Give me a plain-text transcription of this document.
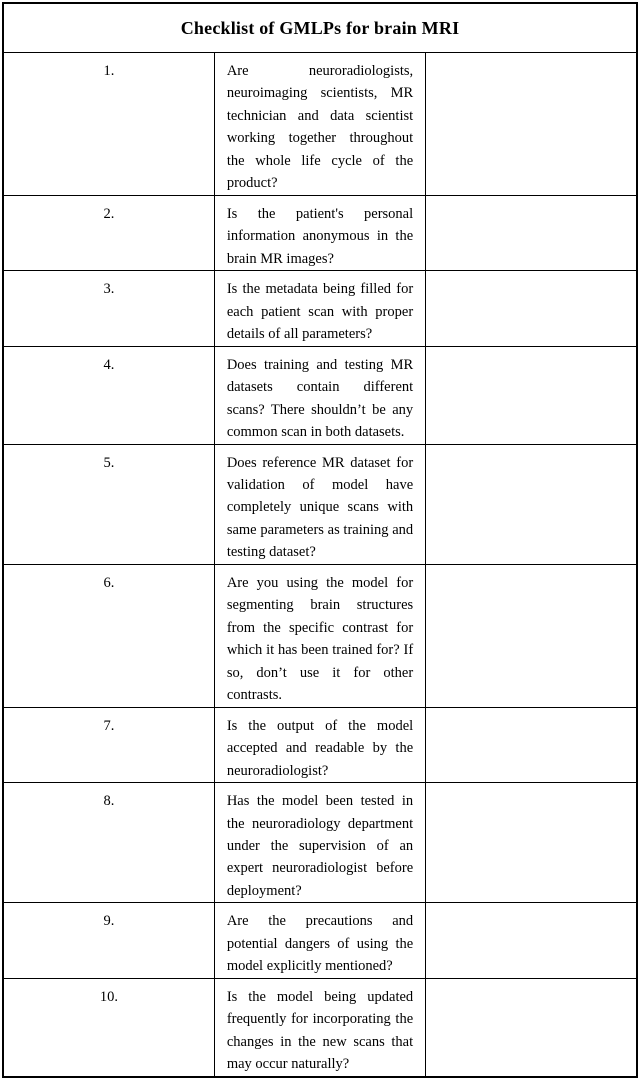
Checklist of GMLPs for brain MRI		
1.	Are neuroradiologists, neuroimaging scientists, MR technician and data scientist working together throughout the whole life cycle of the product?	
2.	Is the patient's personal information anonymous in the brain MR images?	
3.	Is the metadata being filled for each patient scan with proper details of all parameters?	
4.	Does training and testing MR datasets contain different scans? There shouldn’t be any common scan in both datasets.	
5.	Does reference MR dataset for validation of model have completely unique scans with same parameters as training and testing dataset?	
6.	Are you using the model for segmenting brain structures from the specific contrast for which it has been trained for? If so, don’t use it for other contrasts.	
7.	Is the output of the model accepted and readable by the neuroradiologist?	
8.	Has the model been tested in the neuroradiology department under the supervision of an expert neuroradiologist before deployment?	
9.	Are the precautions and potential dangers of using the model explicitly mentioned?	
10.	Is the model being updated frequently for incorporating the changes in the new scans that may occur naturally?	
